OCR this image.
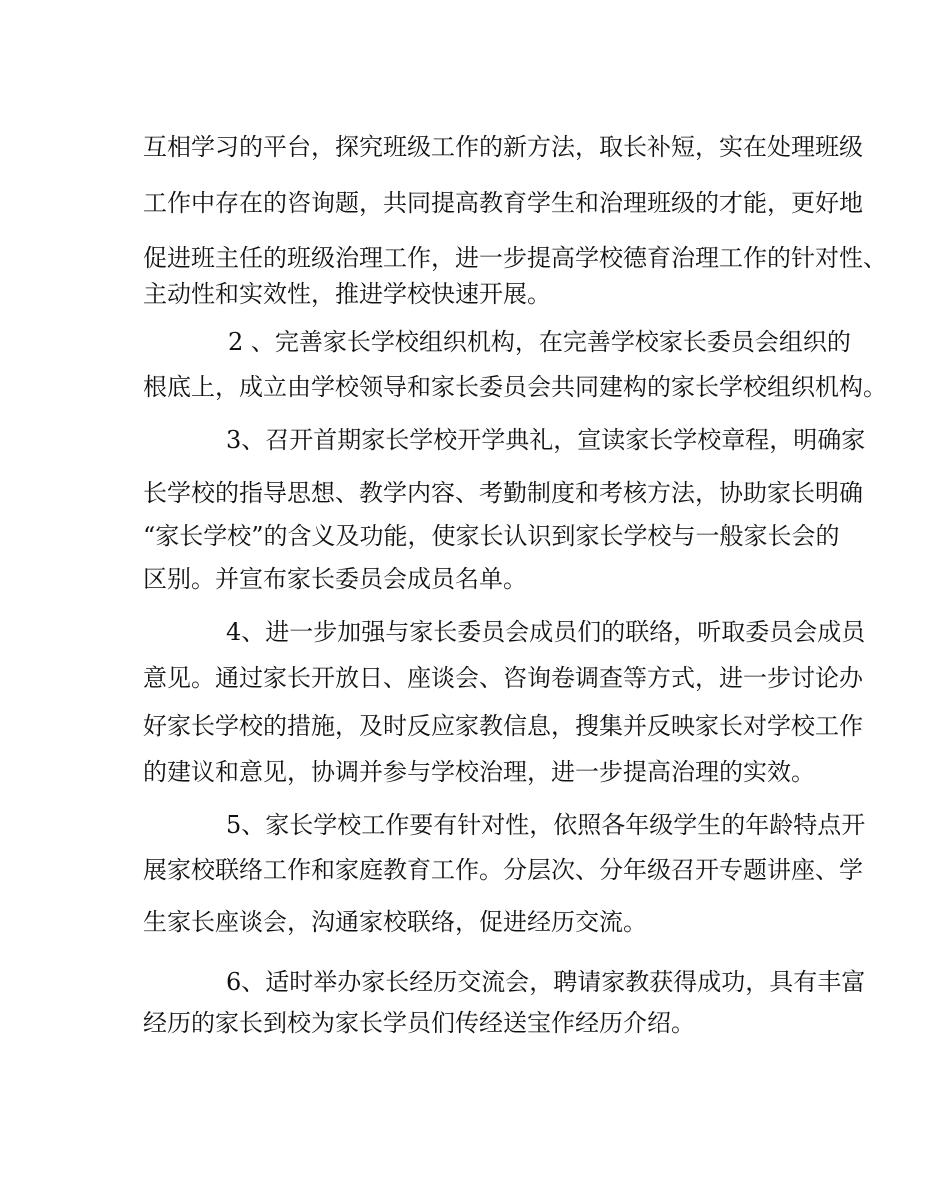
互相学习的平台，探究班级工作的新方法，取长补短，实在处理班级
工作中存在的咨询题，共同提高教育学生和治理班级的才能，更好地
促进班主任的班级治理工作，进一步提高学校德育治理工作的针对性、
主动性和实效性，推进学校快速开展。
2 、完善家长学校组织机构，在完善学校家长委员会组织的
根底上，成立由学校领导和家长委员会共同建构的家长学校组织机构。
3、召开首期家长学校开学典礼，宣读家长学校章程，明确家
长学校的指导思想、教学内容、考勤制度和考核方法，协助家长明确
“家长学校”的含义及功能，使家长认识到家长学校与一般家长会的
区别。并宣布家长委员会成员名单。
4、进一步加强与家长委员会成员们的联络，听取委员会成员
意见。通过家长开放日、座谈会、咨询卷调查等方式，进一步讨论办
好家长学校的措施，及时反应家教信息，搜集并反映家长对学校工作
的建议和意见，协调并参与学校治理，进一步提高治理的实效。
5、家长学校工作要有针对性，依照各年级学生的年龄特点开
展家校联络工作和家庭教育工作。分层次、分年级召开专题讲座、学
生家长座谈会，沟通家校联络，促进经历交流。
6、适时举办家长经历交流会，聘请家教获得成功，具有丰富
经历的家长到校为家长学员们传经送宝作经历介绍。
